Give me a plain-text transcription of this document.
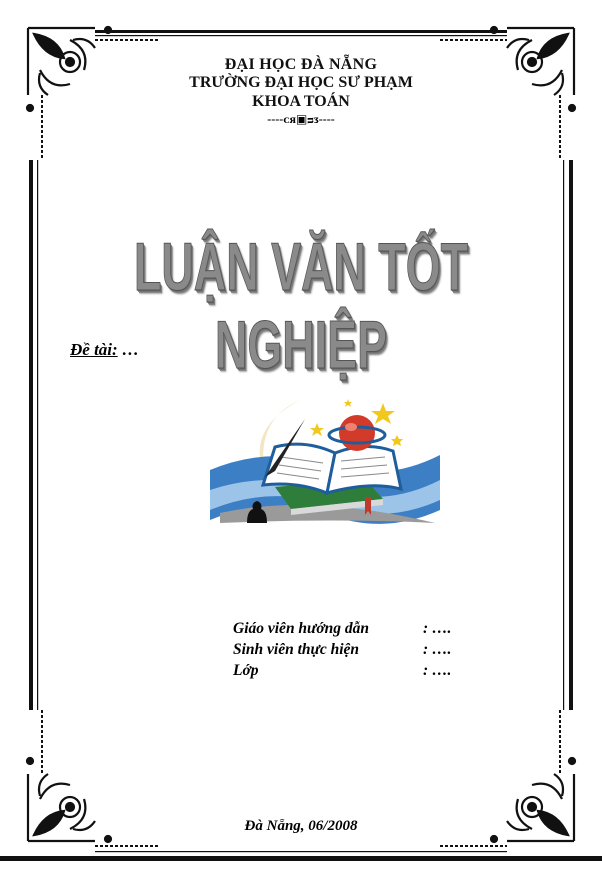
ĐẠI HỌC ĐÀ NẴNG
TRƯỜNG ĐẠI HỌC SƯ PHẠM
KHOA TOÁN
----ᴄᴙ▣ᴝᴣ----
LUẬN VĂN TỐT NGHIỆP
Đề tài: …
Giáo viên hướng dẫn	: ….
Sinh viên thực hiện	: ….
Lớp	: ….
Đà Nẵng, 06/2008
